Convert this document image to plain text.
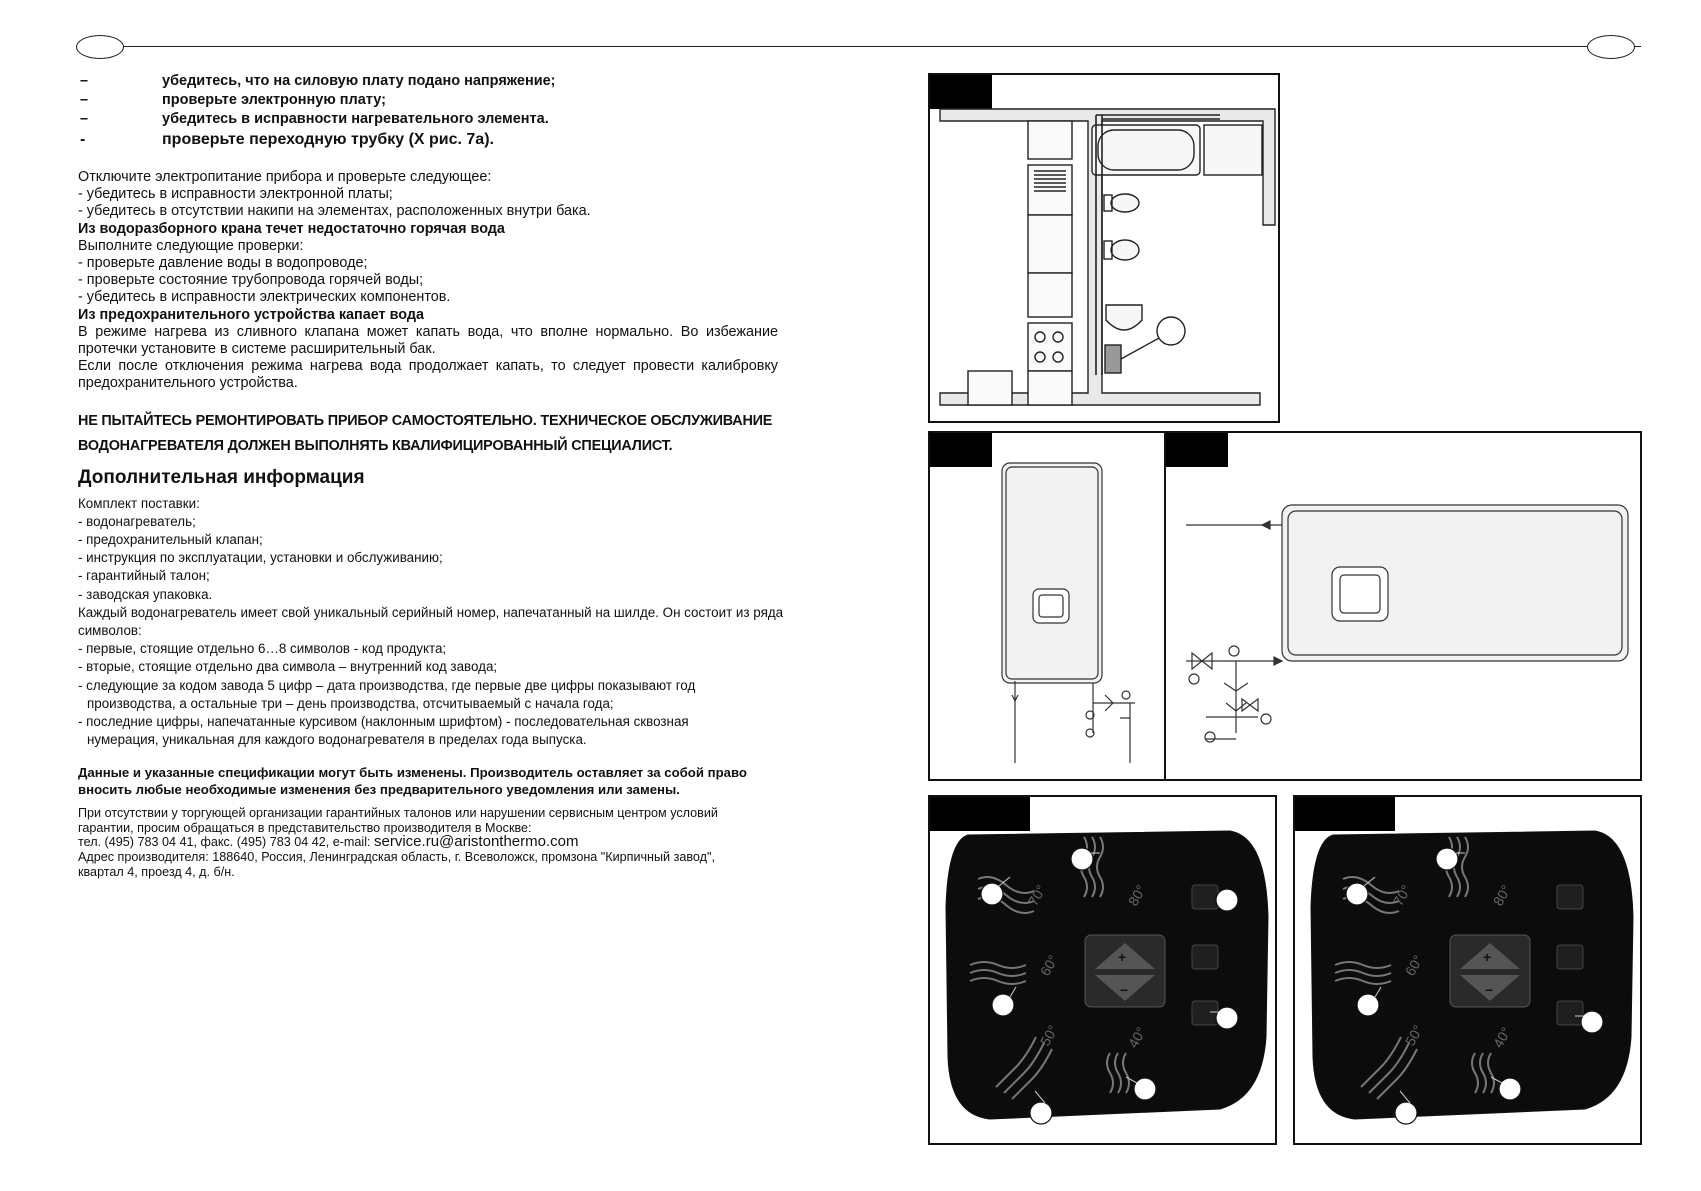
–	убедитесь, что на силовую плату подано напряжение;
–	проверьте электронную плату;
–	убедитесь в исправности нагревательного элемента.
-	проверьте переходную трубку (X рис. 7a).

Отключите электропитание прибора и проверьте следующее:

- убедитесь в исправности электронной платы;

- убедитесь в отсутствии накипи на элементах, расположенных внутри бака.

Из водоразборного крана течет недостаточно горячая вода

Выполните следующие проверки:

- проверьте давление воды в водопроводе;

- проверьте состояние трубопровода горячей воды;

- убедитесь в исправности электрических компонентов.

Из предохранительного устройства капает вода

В режиме нагрева из сливного клапана может капать вода, что вполне нормально. Во избежание протечки установите в системе расширительный бак.

Если после отключения режима нагрева вода продолжает капать, то следует провести калибровку предохранительного устройства.

НЕ ПЫТАЙТЕСЬ РЕМОНТИРОВАТЬ ПРИБОР САМОСТОЯТЕЛЬНО. ТЕХНИЧЕСКОЕ ОБСЛУЖИВАНИЕ
ВОДОНАГРЕВАТЕЛЯ ДОЛЖЕН ВЫПОЛНЯТЬ КВАЛИФИЦИРОВАННЫЙ СПЕЦИАЛИСТ.
Дополнительная информация

Комплект поставки:

- водонагреватель;

- предохранительный клапан;

- инструкция по эксплуатации, установки и обслуживанию;

- гарантийный талон;

- заводская упаковка.

Каждый водонагреватель имеет свой уникальный серийный номер, напечатанный на шилде. Он состоит из ряда символов:

- первые, стоящие отдельно 6…8 символов - код продукта;

- вторые, стоящие отдельно два символа – внутренний код завода;

- следующие за кодом завода 5 цифр – дата производства, где первые две цифры показывают год

производства, а остальные три – день производства, отсчитываемый с начала года;

- последние цифры, напечатанные курсивом (наклонным шрифтом) - последовательная сквозная

нумерация, уникальная для каждого водонагревателя в пределах года выпуска.

Данные и указанные спецификации могут быть изменены. Производитель оставляет за собой право

вносить любые необходимые изменения без предварительного уведомления или замены.

При отсутствии у торгующей организации гарантийных талонов или нарушении сервисным центром условий

гарантии, просим обращаться в представительство производителя в Москве:

тел. (495) 783 04 41, факс. (495) 783 04 42, e-mail: service.ru@aristonthermo.com

Адрес производителя: 188640, Россия, Ленинградская область, г. Всеволожск, промзона "Кирпичный завод",

квартал 4, проезд 4, д. б/н.

+
−
70°	80°
60°
50°	40°
+
−
70°	80°
60°
50°	40°
